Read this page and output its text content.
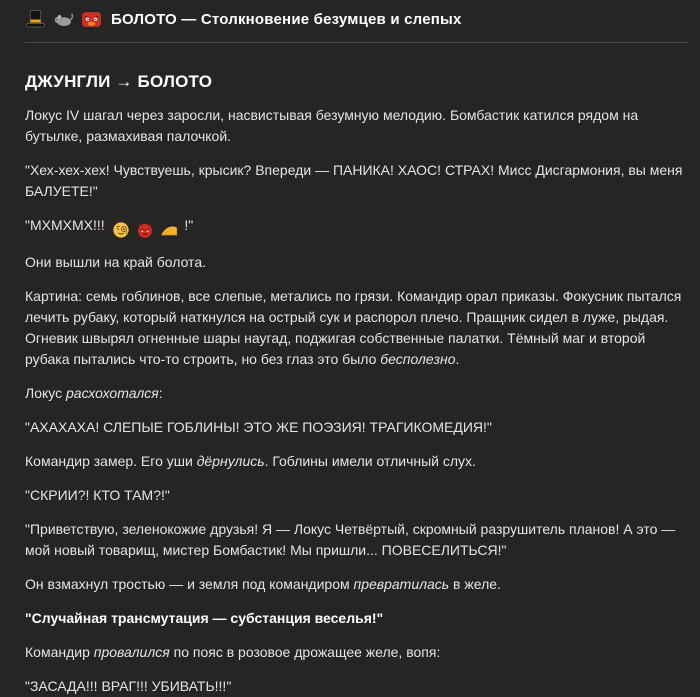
БОЛОТО — Столкновение безумцев и слепых
ДЖУНГЛИ → БОЛОТО

Локус IV шагал через заросли, насвистывая безумную мелодию. Бомбастик катился рядом на бутылке, размахивая палочкой.

"Хех-хех-хех! Чувствуешь, крысик? Впереди — ПАНИКА! ХАОС! СТРАХ! Мисс Дисгармония, вы меня БАЛУЕТЕ!"

"МХМХМХ!!!	!"

Они вышли на край болота.

Картина: семь гоблинов, все слепые, метались по грязи. Командир орал приказы. Фокусник пытался лечить рубаку, который наткнулся на острый сук и распорол плечо. Пращник сидел в луже, рыдая. Огневик швырял огненные шары наугад, поджигая собственные палатки. Тёмный маг и второй рубака пытались что-то строить, но без глаз это было бесполезно.

Локус расхохотался:

"АХАХАХА! СЛЕПЫЕ ГОБЛИНЫ! ЭТО ЖЕ ПОЭЗИЯ! ТРАГИКОМЕДИЯ!"

Командир замер. Его уши дёрнулись. Гоблины имели отличный слух.

"СКРИИ?! КТО ТАМ?!"

"Приветствую, зеленокожие друзья! Я — Локус Четвёртый, скромный разрушитель планов! А это — мой новый товарищ, мистер Бомбастик! Мы пришли... ПОВЕСЕЛИТЬСЯ!"

Он взмахнул тростью — и земля под командиром превратилась в желе.

"Случайная трансмутация — субстанция веселья!"

Командир провалился по пояс в розовое дрожащее желе, вопя:

"ЗАСАДА!!! ВРАГ!!! УБИВАТЬ!!!"
